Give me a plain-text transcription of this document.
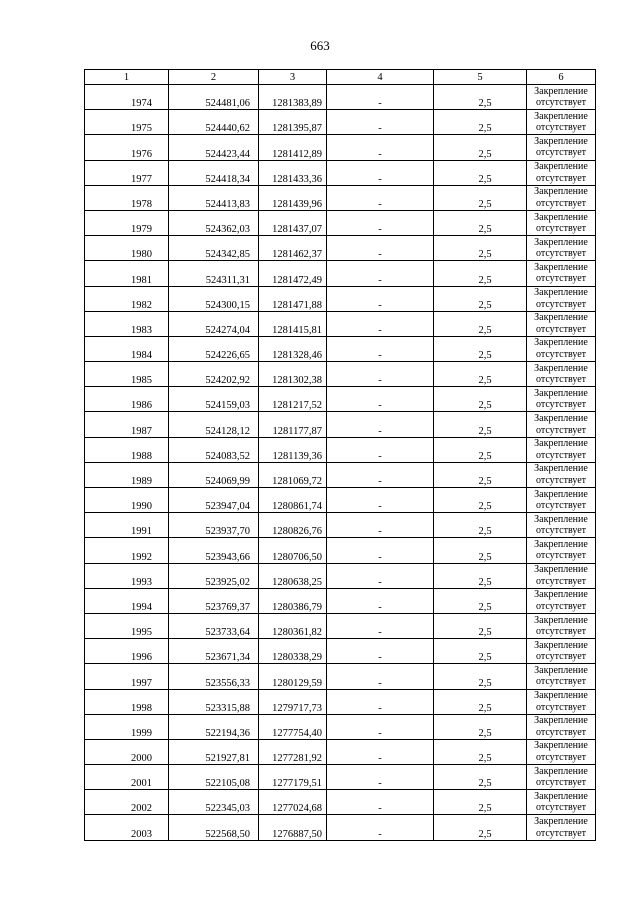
663
1	2	3	4	5	6
1974	524481,06	1281383,89	-	2,5	Закрепление отсутствует
1975	524440,62	1281395,87	-	2,5	Закрепление отсутствует
1976	524423,44	1281412,89	-	2,5	Закрепление отсутствует
1977	524418,34	1281433,36	-	2,5	Закрепление отсутствует
1978	524413,83	1281439,96	-	2,5	Закрепление отсутствует
1979	524362,03	1281437,07	-	2,5	Закрепление отсутствует
1980	524342,85	1281462,37	-	2,5	Закрепление отсутствует
1981	524311,31	1281472,49	-	2,5	Закрепление отсутствует
1982	524300,15	1281471,88	-	2,5	Закрепление отсутствует
1983	524274,04	1281415,81	-	2,5	Закрепление отсутствует
1984	524226,65	1281328,46	-	2,5	Закрепление отсутствует
1985	524202,92	1281302,38	-	2,5	Закрепление отсутствует
1986	524159,03	1281217,52	-	2,5	Закрепление отсутствует
1987	524128,12	1281177,87	-	2,5	Закрепление отсутствует
1988	524083,52	1281139,36	-	2,5	Закрепление отсутствует
1989	524069,99	1281069,72	-	2,5	Закрепление отсутствует
1990	523947,04	1280861,74	-	2,5	Закрепление отсутствует
1991	523937,70	1280826,76	-	2,5	Закрепление отсутствует
1992	523943,66	1280706,50	-	2,5	Закрепление отсутствует
1993	523925,02	1280638,25	-	2,5	Закрепление отсутствует
1994	523769,37	1280386,79	-	2,5	Закрепление отсутствует
1995	523733,64	1280361,82	-	2,5	Закрепление отсутствует
1996	523671,34	1280338,29	-	2,5	Закрепление отсутствует
1997	523556,33	1280129,59	-	2,5	Закрепление отсутствует
1998	523315,88	1279717,73	-	2,5	Закрепление отсутствует
1999	522194,36	1277754,40	-	2,5	Закрепление отсутствует
2000	521927,81	1277281,92	-	2,5	Закрепление отсутствует
2001	522105,08	1277179,51	-	2,5	Закрепление отсутствует
2002	522345,03	1277024,68	-	2,5	Закрепление отсутствует
2003	522568,50	1276887,50	-	2,5	Закрепление отсутствует
